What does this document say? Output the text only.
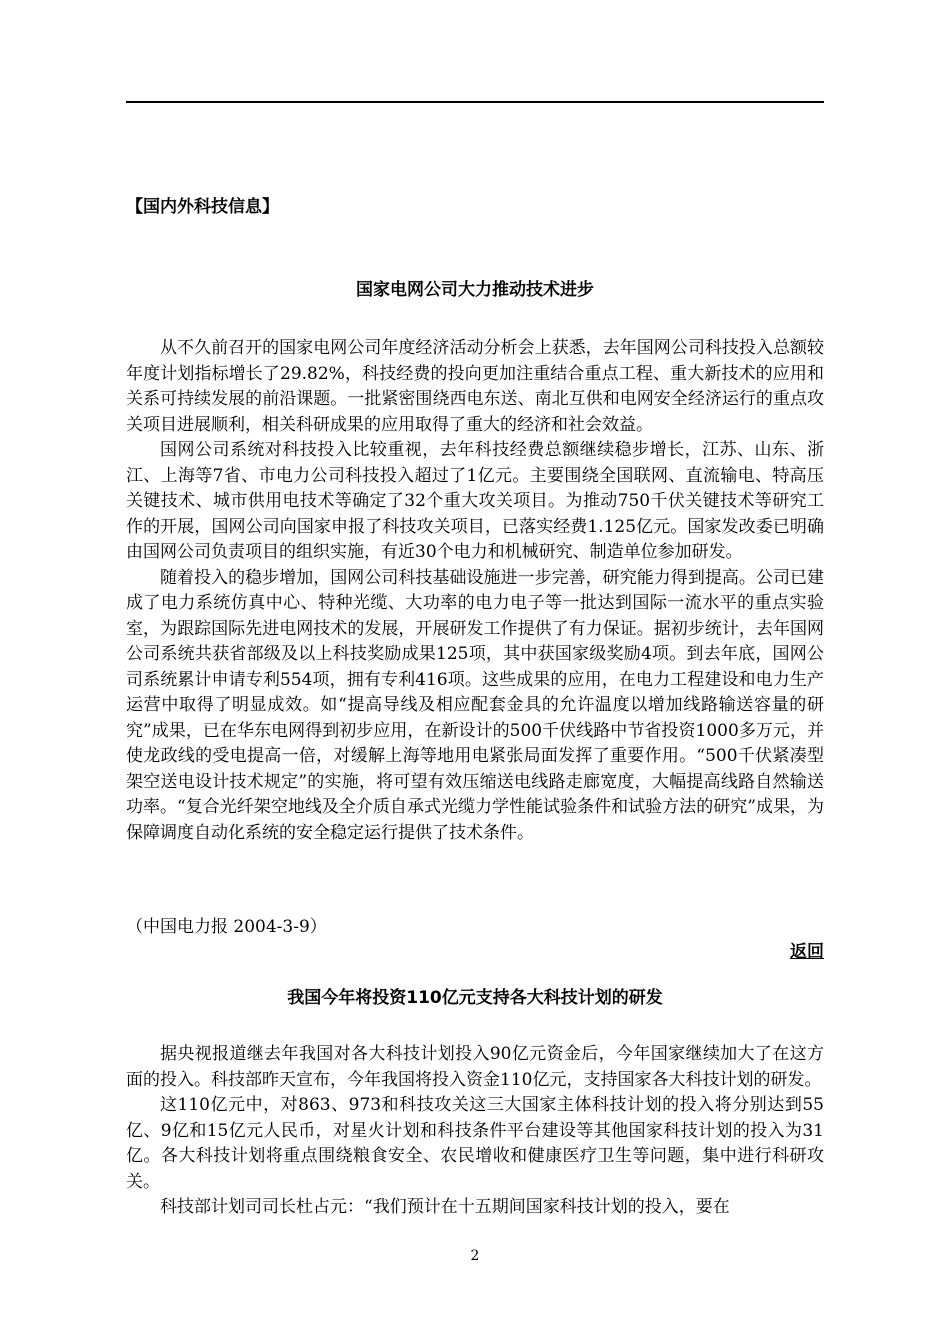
【国内外科技信息】
国家电网公司大力推动技术进步

从不久前召开的国家电网公司年度经济活动分析会上获悉，去年国网公司科技投入总额较年度计划指标增长了29.82%，科技经费的投向更加注重结合重点工程、重大新技术的应用和关系可持续发展的前沿课题。一批紧密围绕西电东送、南北互供和电网安全经济运行的重点攻关项目进展顺利，相关科研成果的应用取得了重大的经济和社会效益。

国网公司系统对科技投入比较重视，去年科技经费总额继续稳步增长，江苏、山东、浙江、上海等7省、市电力公司科技投入超过了1亿元。主要围绕全国联网、直流输电、特高压关键技术、城市供用电技术等确定了32个重大攻关项目。为推动750千伏关键技术等研究工作的开展，国网公司向国家申报了科技攻关项目，已落实经费1.125亿元。国家发改委已明确由国网公司负责项目的组织实施，有近30个电力和机械研究、制造单位参加研发。

随着投入的稳步增加，国网公司科技基础设施进一步完善，研究能力得到提高。公司已建成了电力系统仿真中心、特种光缆、大功率的电力电子等一批达到国际一流水平的重点实验室，为跟踪国际先进电网技术的发展，开展研发工作提供了有力保证。据初步统计，去年国网公司系统共获省部级及以上科技奖励成果125项，其中获国家级奖励4项。到去年底，国网公司系统累计申请专利554项，拥有专利416项。这些成果的应用，在电力工程建设和电力生产运营中取得了明显成效。如“提高导线及相应配套金具的允许温度以增加线路输送容量的研究”成果，已在华东电网得到初步应用，在新设计的500千伏线路中节省投资1000多万元，并使龙政线的受电提高一倍，对缓解上海等地用电紧张局面发挥了重要作用。“500千伏紧凑型架空送电设计技术规定”的实施，将可望有效压缩送电线路走廊宽度，大幅提高线路自然输送功率。“复合光纤架空地线及全介质自承式光缆力学性能试验条件和试验方法的研究”成果，为保障调度自动化系统的安全稳定运行提供了技术条件。

（中国电力报 2004-3-9）
返回
我国今年将投资110亿元支持各大科技计划的研发

据央视报道继去年我国对各大科技计划投入90亿元资金后，今年国家继续加大了在这方面的投入。科技部昨天宣布，今年我国将投入资金110亿元，支持国家各大科技计划的研发。

这110亿元中，对863、973和科技攻关这三大国家主体科技计划的投入将分别达到55亿、9亿和15亿元人民币，对星火计划和科技条件平台建设等其他国家科技计划的投入为31亿。各大科技计划将重点围绕粮食安全、农民增收和健康医疗卫生等问题，集中进行科研攻关。

科技部计划司司长杜占元：“我们预计在十五期间国家科技计划的投入，要在

2
